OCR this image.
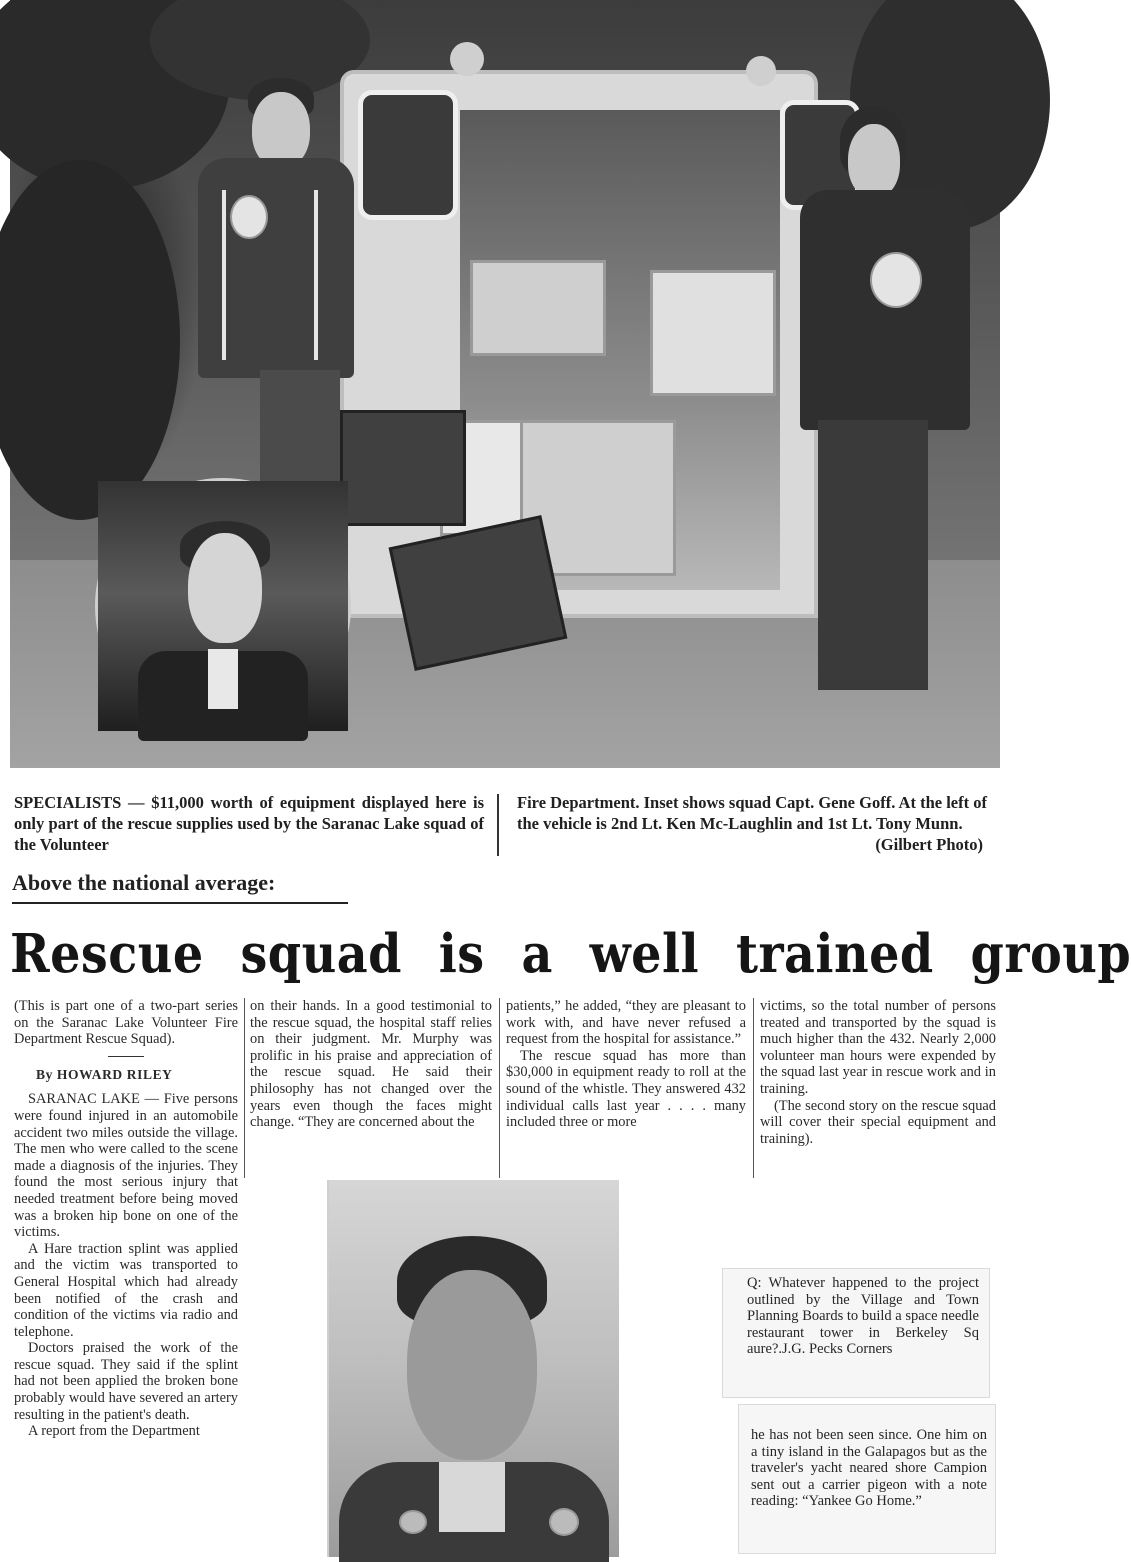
SPECIALISTS — $11,000 worth of equipment displayed here is only part of the rescue supplies used by the Saranac Lake squad of the Volunteer
Fire Department. Inset shows squad Capt. Gene Goff. At the left of the vehicle is 2nd Lt. Ken Mc-Laughlin and 1st Lt. Tony Munn.
(Gilbert Photo)
Above the national average:
Rescue squad is a well trained group

(This is part one of a two-part series on the Saranac Lake Volunteer Fire Department Rescue Squad).

By HOWARD RILEY

SARANAC LAKE — Five persons were found injured in an automobile accident two miles outside the village. The men who were called to the scene made a diagnosis of the injuries. They found the most serious injury that needed treatment before being moved was a broken hip bone on one of the victims.

A Hare traction splint was applied and the victim was transported to General Hospital which had already been notified of the crash and condition of the victims via radio and telephone.

Doctors praised the work of the rescue squad. They said if the splint had not been applied the broken bone probably would have severed an artery resulting in the patient's death.

A report from the Department

on their hands. In a good testimonial to the rescue squad, the hospital staff relies on their judgment. Mr. Murphy was prolific in his praise and appreciation of the rescue squad. He said their philosophy has not changed over the years even though the faces might change. “They are concerned about the

patients,” he added, “they are pleasant to work with, and have never refused a request from the hospital for assistance.”

The rescue squad has more than $30,000 in equipment ready to roll at the sound of the whistle. They answered 432 individual calls last year . . . . many included three or more

victims, so the total number of persons treated and transported by the squad is much higher than the 432. Nearly 2,000 volunteer man hours were expended by the squad last year in rescue work and in training.

(The second story on the rescue squad will cover their special equipment and training).

Q: Whatever happened to the project outlined by the Village and Town Planning Boards to build a space needle restaurant tower in Berkeley Sq aure?.J.G. Pecks Corners
he has not been seen since. One him on a tiny island in the Galapagos but as the traveler's yacht neared shore Campion sent out a carrier pigeon with a note reading: “Yankee Go Home.”
